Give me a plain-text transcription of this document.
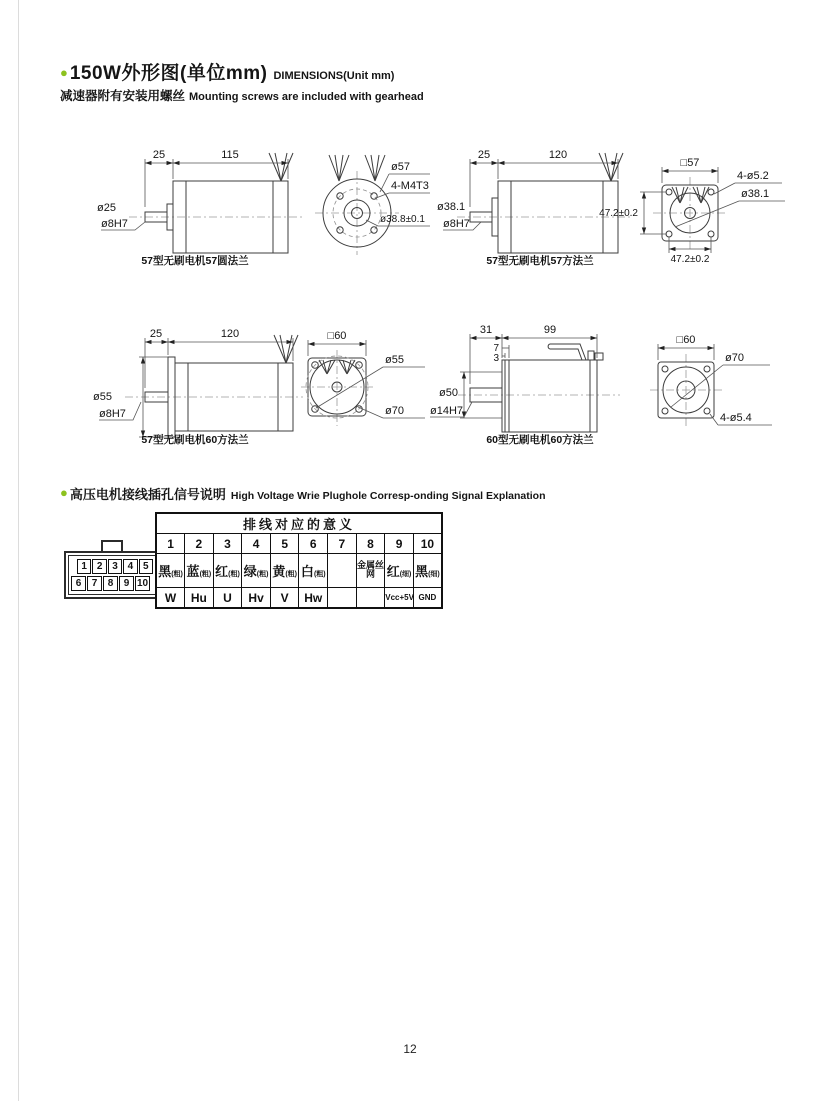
● 150W外形图(单位mm) DIMENSIONS(Unit mm)
减速器附有安装用螺丝 Mounting screws are included with gearhead
25	115
ø25
ø8H7
ø57
4-M4T3
ø38.8±0.1
57型无刷电机57圆法兰
25	120
ø38.1
ø8H7
□57
47.2±0.2
47.2±0.2
4-ø5.2
ø38.1
57型无刷电机57方法兰
25	120
ø55
ø8H7
□60
ø55
ø70
57型无刷电机60方法兰
31	99
7
3
ø50
ø14H7
□60
ø70
4-ø5.4
60型无刷电机60方法兰
● 高压电机接线插孔信号说明 High Voltage Wrie Plughole Corresp-onding Signal Explanation
1 2 3 4 5
6	7	8	9 10
排线对应的意义									
1	2	3	4	5	6	7	8	9	10
黑(粗)	蓝(粗)	红(粗)	绿(粗)	黄(粗)	白(粗)		金属丝网	红(细)	黑(细)
W	Hu	U	Hv	V	Hw			Vcc+5V	GND
12
